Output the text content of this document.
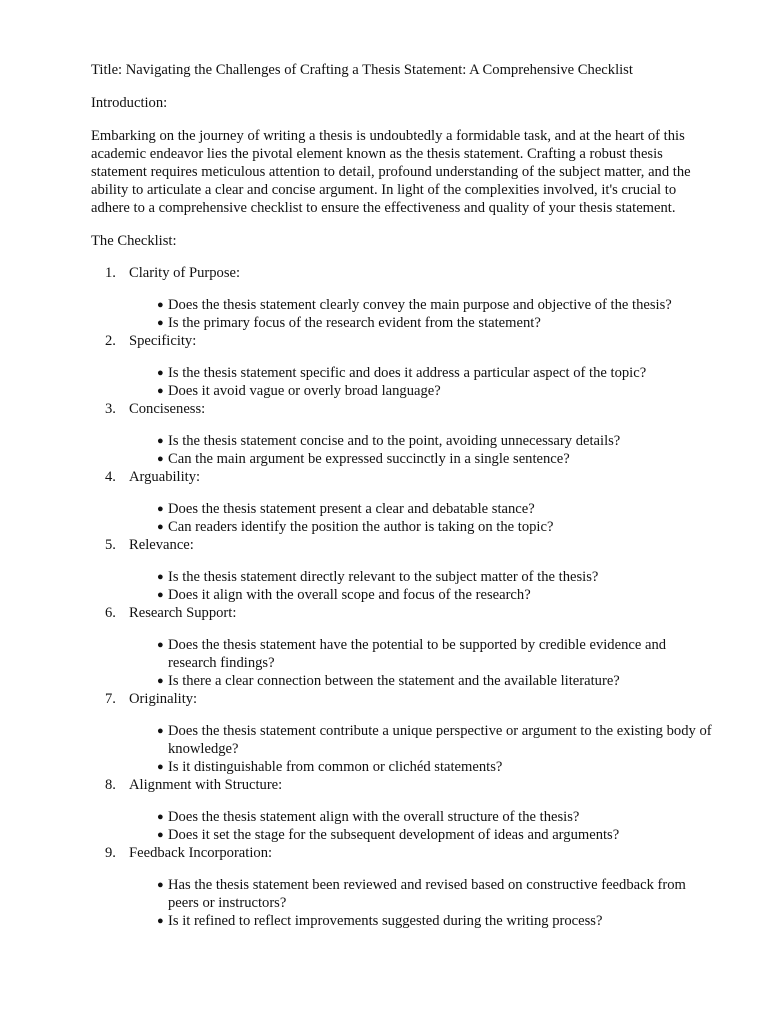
Title: Navigating the Challenges of Crafting a Thesis Statement: A Comprehensive Checklist

Introduction:

Embarking on the journey of writing a thesis is undoubtedly a formidable task, and at the heart of this academic endeavor lies the pivotal element known as the thesis statement. Crafting a robust thesis statement requires meticulous attention to detail, profound understanding of the subject matter, and the ability to articulate a clear and concise argument. In light of the complexities involved, it's crucial to adhere to a comprehensive checklist to ensure the effectiveness and quality of your thesis statement.

The Checklist:

1. Clarity of Purpose:
● Does the thesis statement clearly convey the main purpose and objective of the thesis?
● Is the primary focus of the research evident from the statement?
2. Specificity:
● Is the thesis statement specific and does it address a particular aspect of the topic?
● Does it avoid vague or overly broad language?
3. Conciseness:
● Is the thesis statement concise and to the point, avoiding unnecessary details?
● Can the main argument be expressed succinctly in a single sentence?
4. Arguability:
● Does the thesis statement present a clear and debatable stance?
● Can readers identify the position the author is taking on the topic?
5. Relevance:
● Is the thesis statement directly relevant to the subject matter of the thesis?
● Does it align with the overall scope and focus of the research?
6. Research Support:
● Does the thesis statement have the potential to be supported by credible evidence and research findings?
● Is there a clear connection between the statement and the available literature?
7. Originality:
● Does the thesis statement contribute a unique perspective or argument to the existing body of knowledge?
● Is it distinguishable from common or clichéd statements?
8. Alignment with Structure:
● Does the thesis statement align with the overall structure of the thesis?
● Does it set the stage for the subsequent development of ideas and arguments?
9. Feedback Incorporation:
● Has the thesis statement been reviewed and revised based on constructive feedback from peers or instructors?
● Is it refined to reflect improvements suggested during the writing process?
